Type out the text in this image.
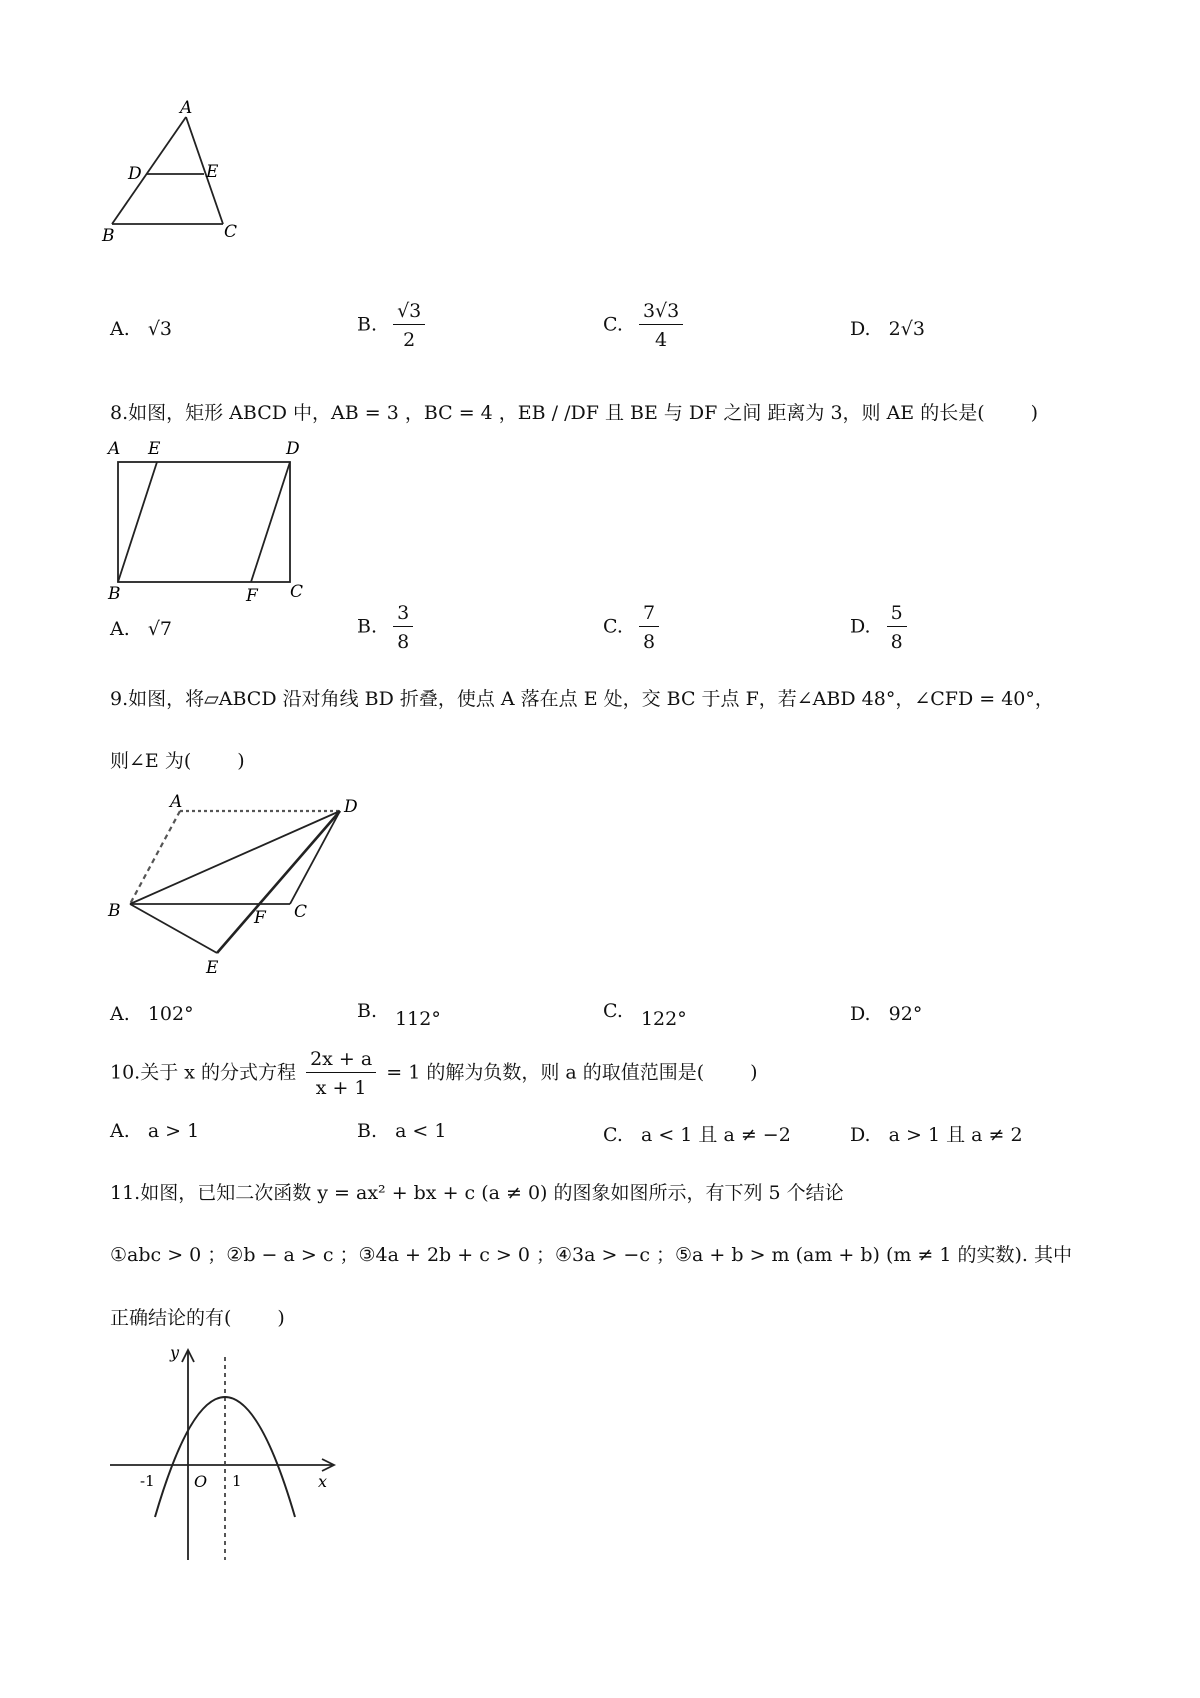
A
D	E
B	C
A. √3	B. $\frac{√3}{2}$	C. $\frac{3√3}{4}$	D. 2√3
8.如图，矩形 ABCD 中，AB = 3 ，BC = 4 ，EB / /DF 且 BE 与 DF 之间 距离为 3，则 AE 的长是( )
A E	D
B	F C
A. √7	B. $\frac{3}{8}$	C. $\frac{7}{8}$	D. $\frac{5}{8}$
9.如图，将▱ABCD 沿对角线 BD 折叠，使点 A 落在点 E 处，交 BC 于点 F，若∠ABD 48°，∠CFD = 40°，
则∠E 为( )
A	D
B	F C
E
A. 102°	B. 112°	C. 122°	D. 92°
10.关于 x 的分式方程 $\frac{2x + a}{x + 1} = 1$ 的解为负数，则 a 的取值范围是( )
A. a > 1	B. a < 1	C. a < 1 且 a ≠ −2	D. a > 1 且 a ≠ 2
11.如图，已知二次函数 y = ax² + bx + c (a ≠ 0) 的图象如图所示，有下列 5 个结论
①abc > 0 ；②b − a > c ；③4a + 2b + c > 0 ；④3a > −c ；⑤a + b > m (am + b) (m ≠ 1 的实数). 其中
正确结论的有( )
y
x
O 1
-1
